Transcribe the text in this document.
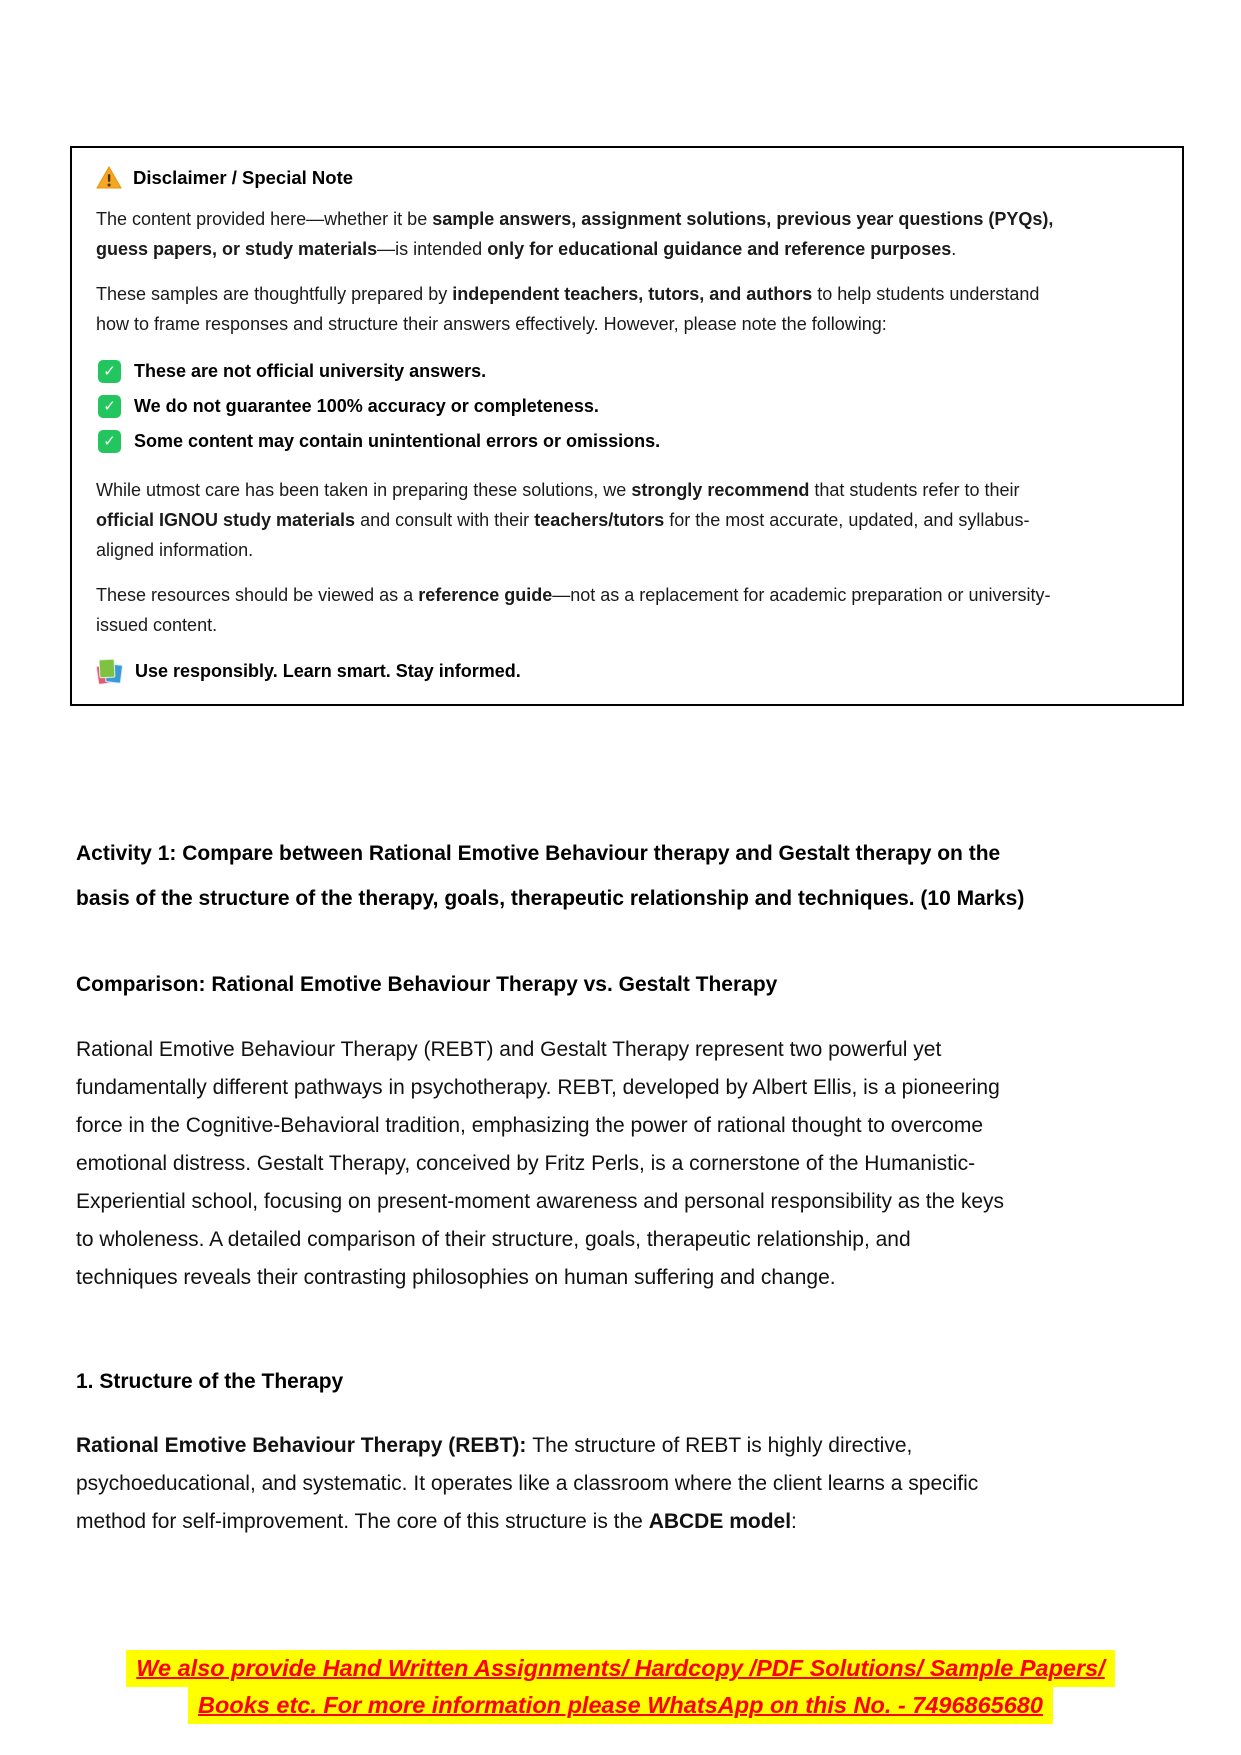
Disclaimer / Special Note

The content provided here—whether it be sample answers, assignment solutions, previous year questions (PYQs), guess papers, or study materials—is intended only for educational guidance and reference purposes.

These samples are thoughtfully prepared by independent teachers, tutors, and authors to help students understand how to frame responses and structure their answers effectively. However, please note the following:

✓
These are not official university answers.
✓
We do not guarantee 100% accuracy or completeness.
✓
Some content may contain unintentional errors or omissions.

While utmost care has been taken in preparing these solutions, we strongly recommend that students refer to their official IGNOU study materials and consult with their teachers/tutors for the most accurate, updated, and syllabus-aligned information.

These resources should be viewed as a reference guide—not as a replacement for academic preparation or university-issued content.

Use responsibly. Learn smart. Stay informed.
Activity 1: Compare between Rational Emotive Behaviour therapy and Gestalt therapy on the basis of the structure of the therapy, goals, therapeutic relationship and techniques. (10 Marks)
Comparison: Rational Emotive Behaviour Therapy vs. Gestalt Therapy
Rational Emotive Behaviour Therapy (REBT) and Gestalt Therapy represent two powerful yet fundamentally different pathways in psychotherapy. REBT, developed by Albert Ellis, is a pioneering force in the Cognitive-Behavioral tradition, emphasizing the power of rational thought to overcome emotional distress. Gestalt Therapy, conceived by Fritz Perls, is a cornerstone of the Humanistic-Experiential school, focusing on present-moment awareness and personal responsibility as the keys to wholeness. A detailed comparison of their structure, goals, therapeutic relationship, and techniques reveals their contrasting philosophies on human suffering and change.
1. Structure of the Therapy
Rational Emotive Behaviour Therapy (REBT): The structure of REBT is highly directive, psychoeducational, and systematic. It operates like a classroom where the client learns a specific method for self-improvement. The core of this structure is the ABCDE model:
We also provide Hand Written Assignments/ Hardcopy /PDF Solutions/ Sample Papers/
Books etc. For more information please WhatsApp on this No. - 7496865680
